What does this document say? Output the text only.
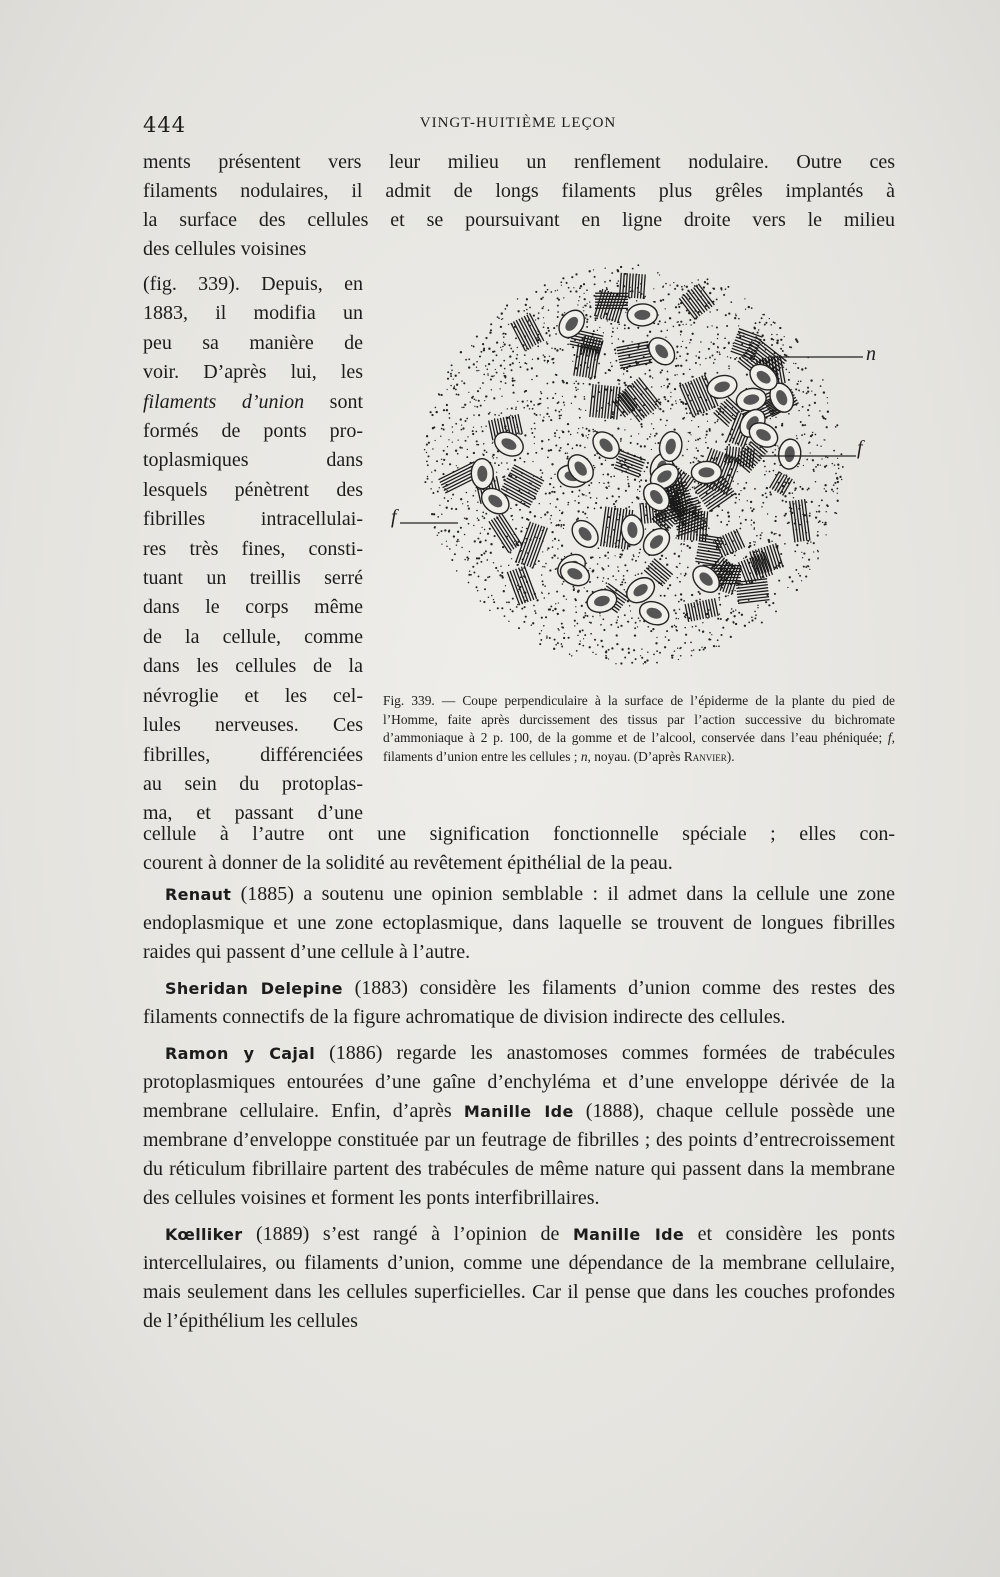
444	VINGT-HUITIÈME LEÇON
ments présentent vers leur milieu un renflement nodulaire. Outre ces
filaments nodulaires, il admit de longs filaments plus grêles implantés à
la surface des cellules et se poursuivant en ligne droite vers le milieu
des cellules voisines
(fig. 339). Depuis, en
1883, il modifia un
peu sa manière de
voir. D’après lui, les
filaments d’union sont
formés de ponts pro-
toplasmiques dans
lesquels pénètrent des
fibrilles intracellulai-
res très fines, consti-
tuant un treillis serré
dans le corps même
de la cellule, comme
dans les cellules de la
névroglie et les cel-
lules nerveuses. Ces
fibrilles, différenciées
au sein du protoplas-
ma, et passant d’une
n
f
f
Fig. 339. — Coupe perpendiculaire à la surface de l’épiderme de la plante du pied de l’Homme, faite après durcissement des tissus par l’action successive du bichromate d’ammoniaque à 2 p. 100, de la gomme et de l’alcool, conservée dans l’eau phéniquée; f, filaments d’union entre les cellules ; n, noyau. (D’après Ranvier).
cellule à l’autre ont une signification fonctionnelle spéciale ; elles con-
courent à donner de la solidité au revêtement épithélial de la peau.

Renaut (1885) a soutenu une opinion semblable : il admet dans la cellule une zone endoplasmique et une zone ectoplasmique, dans laquelle se trouvent de longues fibrilles raides qui passent d’une cellule à l’autre.

Sheridan Delepine (1883) considère les filaments d’union comme des restes des filaments connectifs de la figure achromatique de division indirecte des cellules.

Ramon y Cajal (1886) regarde les anastomoses commes formées de trabécules protoplasmiques entourées d’une gaîne d’enchyléma et d’une enveloppe dérivée de la membrane cellulaire. Enfin, d’après Manille Ide (1888), chaque cellule possède une membrane d’enveloppe constituée par un feutrage de fibrilles ; des points d’entrecroissement du réticulum fibrillaire partent des trabécules de même nature qui passent dans la membrane des cellules voisines et forment les ponts interfibrillaires.

Kœlliker (1889) s’est rangé à l’opinion de Manille Ide et considère les ponts intercellulaires, ou filaments d’union, comme une dépendance de la membrane cellulaire, mais seulement dans les cellules superficielles. Car il pense que dans les couches profondes de l’épithélium les cellules
